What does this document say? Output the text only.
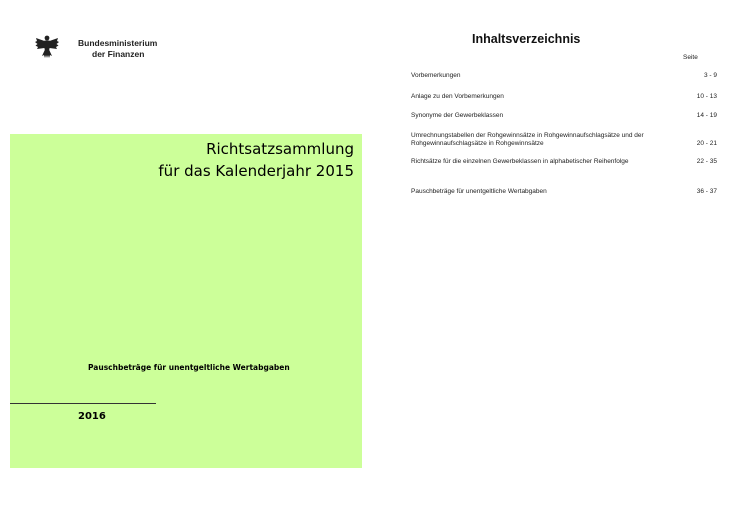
Bundesministerium
der Finanzen
Richtsatzsammlung
für das Kalenderjahr 2015
Pauschbeträge für unentgeltliche Wertabgaben
2016
Inhaltsverzeichnis
Seite
Vorbemerkungen	3 - 9
Anlage zu den Vorbemerkungen	10 - 13
Synonyme der Gewerbeklassen	14 - 19
Umrechnungstabellen der Rohgewinnsätze in Rohgewinnaufschlagsätze und der Rohgewinnaufschlagsätze in Rohgewinnsätze	20 - 21
Richtsätze für die einzelnen Gewerbeklassen in alphabetischer Reihenfolge	22 - 35
Pauschbeträge für unentgeltliche Wertabgaben	36 - 37
